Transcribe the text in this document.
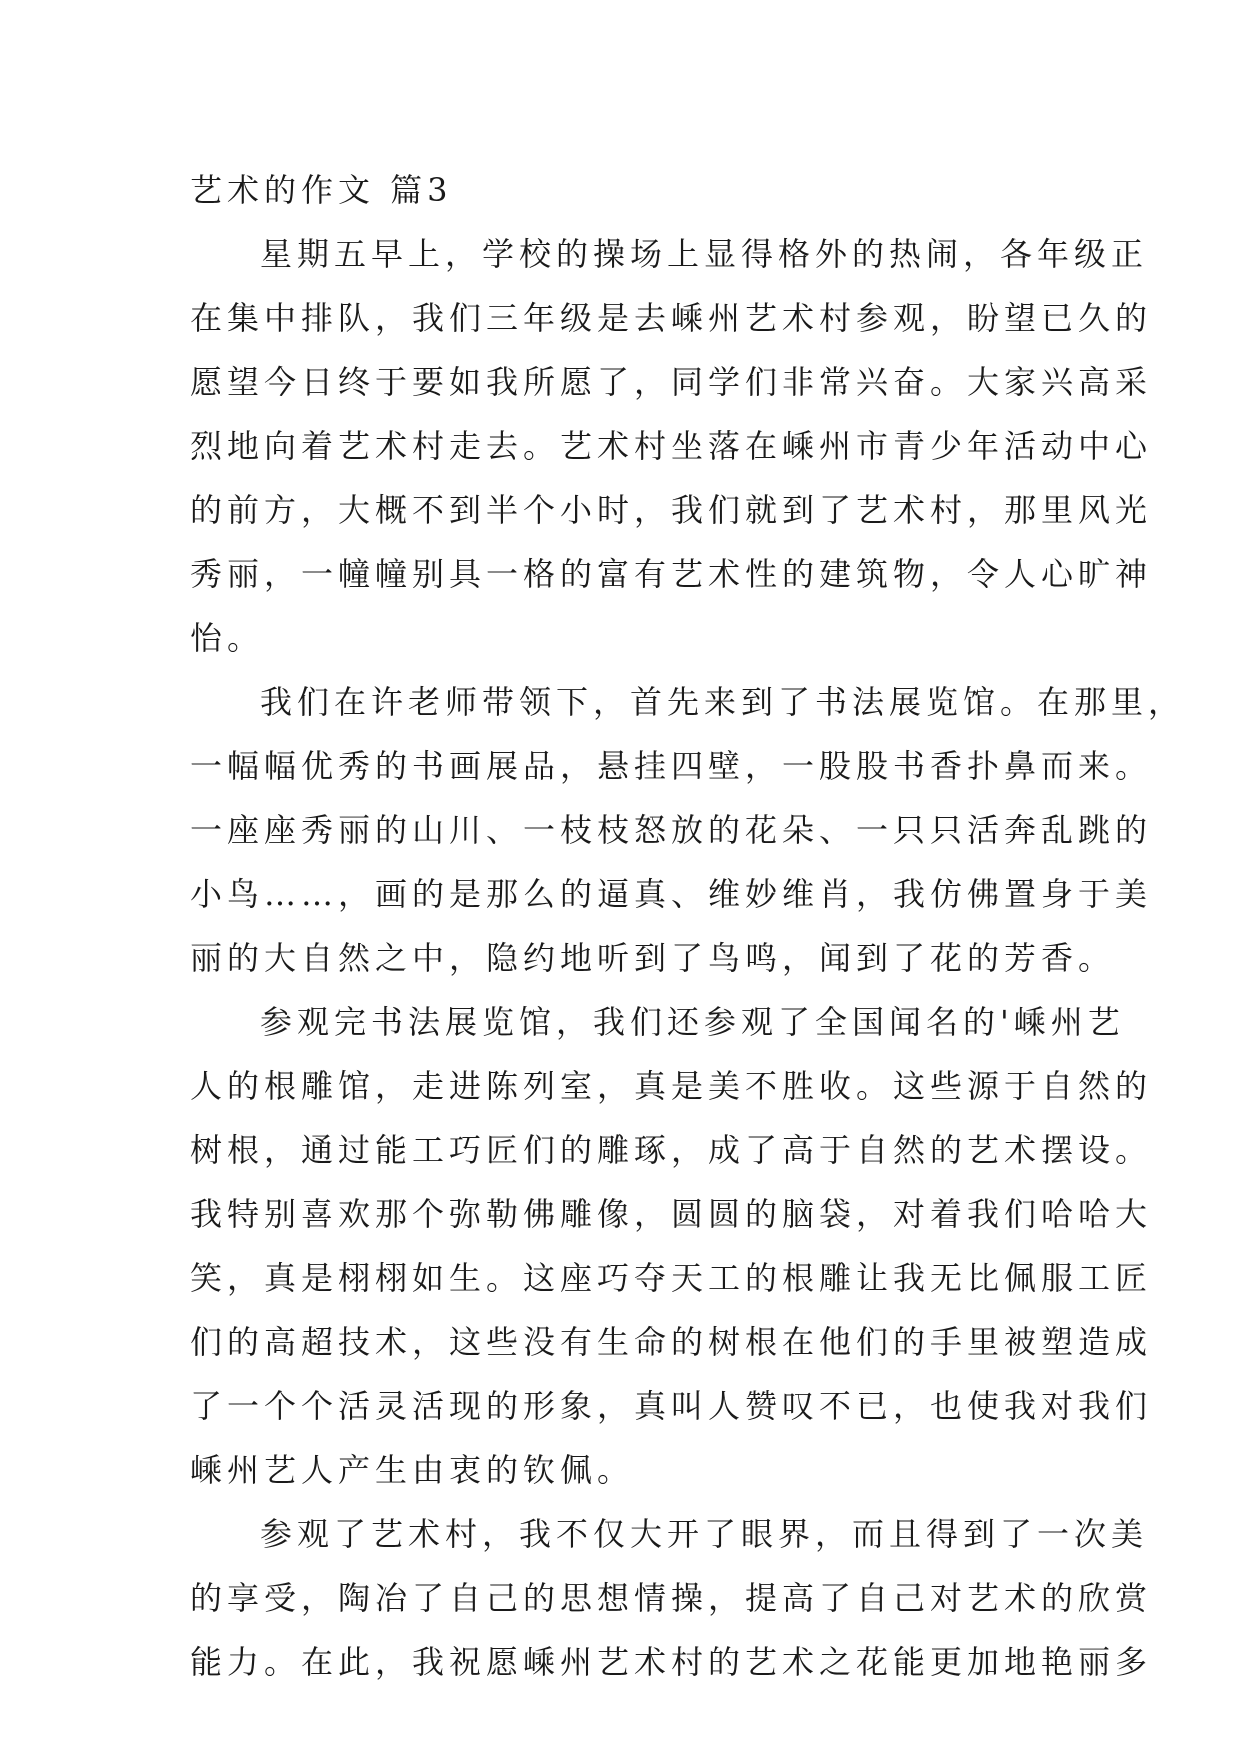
艺术的作文 篇3

星期五早上，学校的操场上显得格外的热闹，各年级正
在集中排队，我们三年级是去嵊州艺术村参观，盼望已久的
愿望今日终于要如我所愿了，同学们非常兴奋。大家兴高采
烈地向着艺术村走去。艺术村坐落在嵊州市青少年活动中心
的前方，大概不到半个小时，我们就到了艺术村，那里风光
秀丽，一幢幢别具一格的富有艺术性的建筑物，令人心旷神
怡。

我们在许老师带领下，首先来到了书法展览馆。在那里，
一幅幅优秀的书画展品，悬挂四壁，一股股书香扑鼻而来。
一座座秀丽的山川、一枝枝怒放的花朵、一只只活奔乱跳的
小鸟……，画的是那么的逼真、维妙维肖，我仿佛置身于美
丽的大自然之中，隐约地听到了鸟鸣，闻到了花的芳香。

参观完书法展览馆，我们还参观了全国闻名的'嵊州艺
人的根雕馆，走进陈列室，真是美不胜收。这些源于自然的
树根，通过能工巧匠们的雕琢，成了高于自然的艺术摆设。
我特别喜欢那个弥勒佛雕像，圆圆的脑袋，对着我们哈哈大
笑，真是栩栩如生。这座巧夺天工的根雕让我无比佩服工匠
们的高超技术，这些没有生命的树根在他们的手里被塑造成
了一个个活灵活现的形象，真叫人赞叹不已，也使我对我们
嵊州艺人产生由衷的钦佩。

参观了艺术村，我不仅大开了眼界，而且得到了一次美
的享受，陶冶了自己的思想情操，提高了自己对艺术的欣赏
能力。在此，我祝愿嵊州艺术村的艺术之花能更加地艳丽多
